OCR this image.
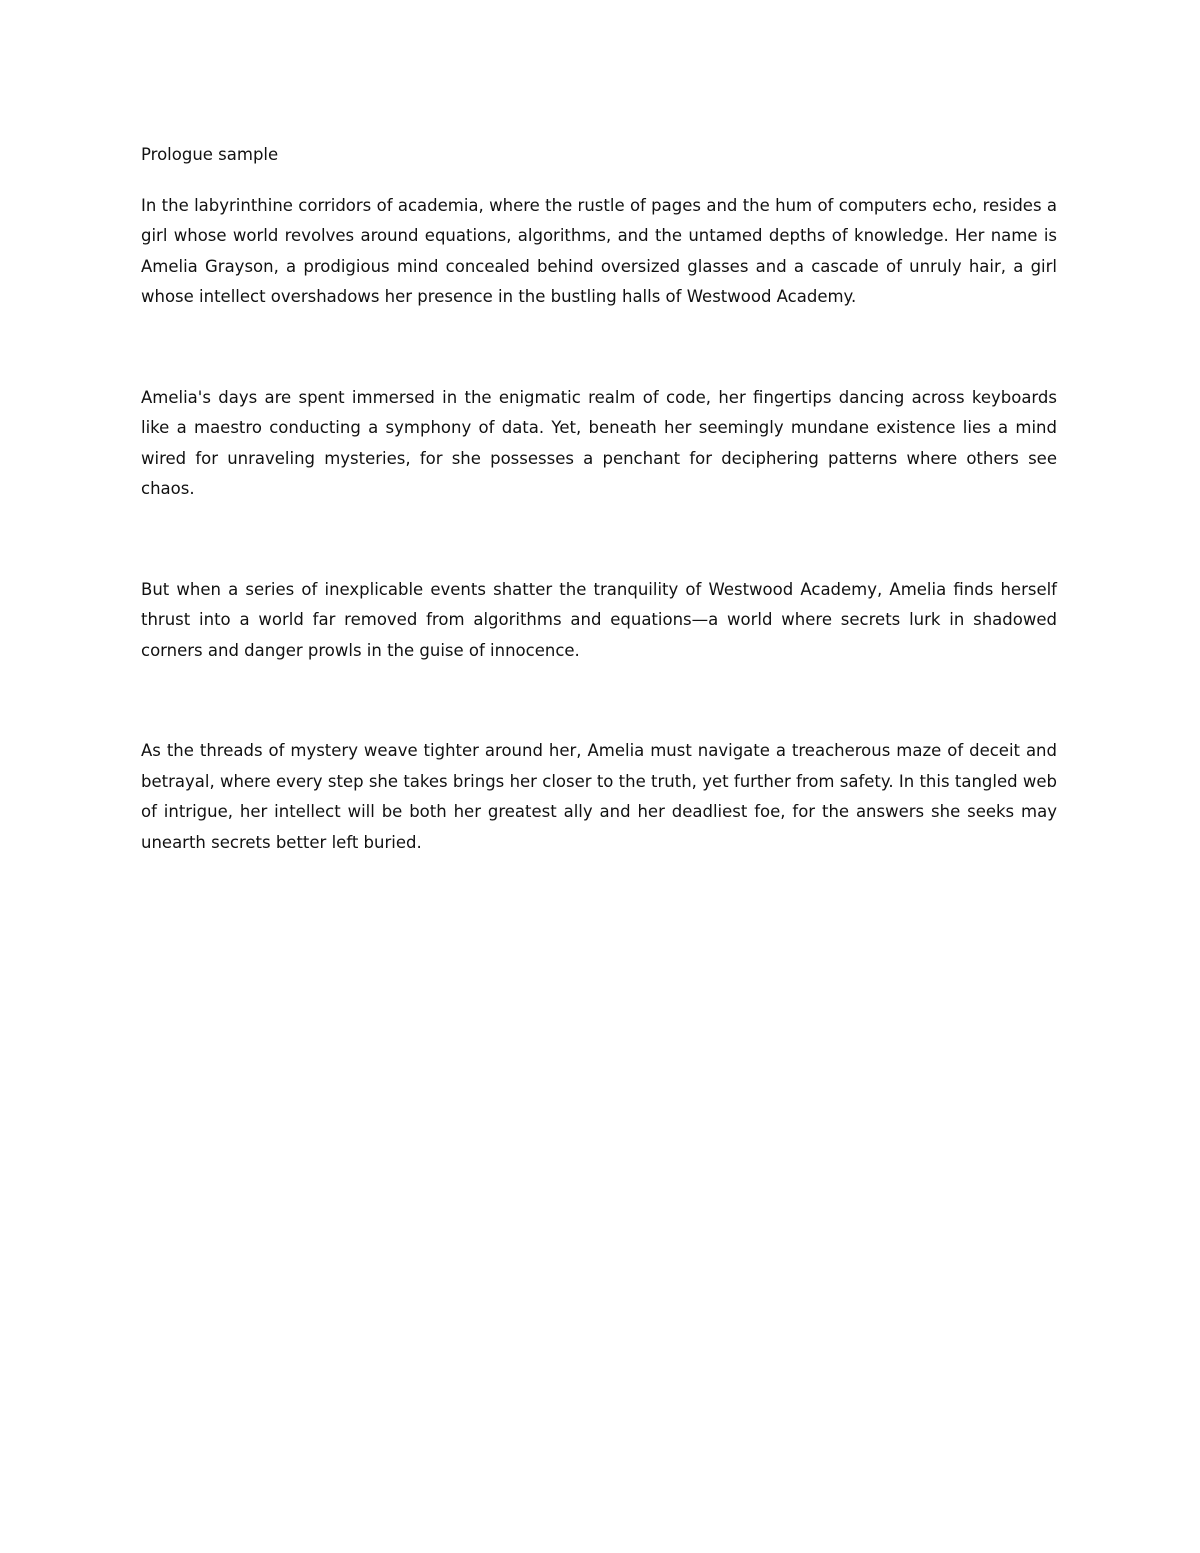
Prologue sample

In the labyrinthine corridors of academia, where the rustle of pages and the hum of computers echo, resides a girl whose world revolves around equations, algorithms, and the untamed depths of knowledge. Her name is Amelia Grayson, a prodigious mind concealed behind oversized glasses and a cascade of unruly hair, a girl whose intellect overshadows her presence in the bustling halls of Westwood Academy.

Amelia's days are spent immersed in the enigmatic realm of code, her fingertips dancing across keyboards like a maestro conducting a symphony of data. Yet, beneath her seemingly mundane existence lies a mind wired for unraveling mysteries, for she possesses a penchant for deciphering patterns where others see chaos.

But when a series of inexplicable events shatter the tranquility of Westwood Academy, Amelia finds herself thrust into a world far removed from algorithms and equations—a world where secrets lurk in shadowed corners and danger prowls in the guise of innocence.

As the threads of mystery weave tighter around her, Amelia must navigate a treacherous maze of deceit and betrayal, where every step she takes brings her closer to the truth, yet further from safety. In this tangled web of intrigue, her intellect will be both her greatest ally and her deadliest foe, for the answers she seeks may unearth secrets better left buried.
